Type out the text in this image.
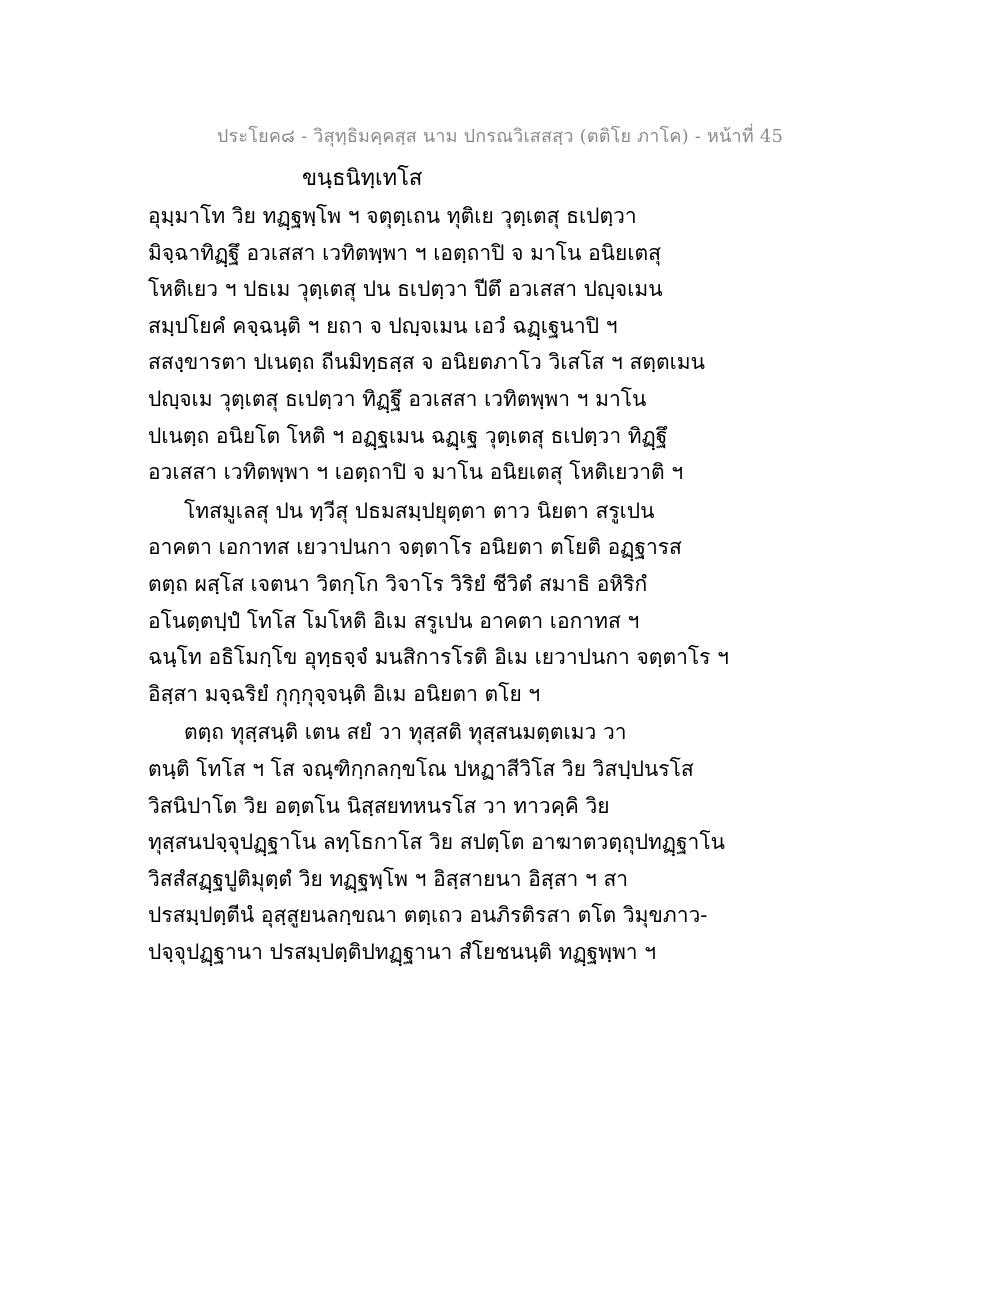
ประโยค๘ - วิสุทฺธิมคฺคสฺส นาม ปกรณวิเสสสฺว (ตติโย ภาโค) - หน้าที่ 45
ขนฺธนิทฺเทโส
อุมฺมาโท วิย ทฏฺฐพฺโพ ฯ จตุตฺเถน ทุติเย วุตฺเตสุ ธเปตฺวา
มิจฺฉาทิฏฺฐึ อวเสสา เวทิตพฺพา ฯ เอตฺถาปิ จ มาโน อนิยเตสุ
โหติเยว ฯ ปธเม วุตฺเตสุ ปน ธเปตฺวา ปีตึ อวเสสา ปญฺจเมน
สมฺปโยคํ คจฺฉนฺติ ฯ ยถา จ ปญฺจเมน เอวํ ฉฏฺเฐนาปิ ฯ
สสงฺขารตา ปเนตฺถ ถีนมิทฺธสฺส จ อนิยตภาโว วิเสโส ฯ สตฺตเมน
ปญฺจเม วุตฺเตสุ ธเปตฺวา ทิฏฺฐึ อวเสสา เวทิตพฺพา ฯ มาโน
ปเนตฺถ อนิยโต โหติ ฯ อฏฺฐเมน ฉฏฺเฐ วุตฺเตสุ ธเปตฺวา ทิฏฺฐึ
อวเสสา เวทิตพฺพา ฯ เอตฺถาปิ จ มาโน อนิยเตสุ โหติเยวาติ ฯ
โทสมูเลสุ ปน ทฺวีสุ ปธมสมฺปยุตฺตา ตาว นิยตา สรูเปน
อาคตา เอกาทส เยวาปนกา จตฺตาโร อนิยตา ตโยติ อฏฺฐารส
ตตฺถ ผสฺโส เจตนา วิตกฺโก วิจาโร วิริยํ ชีวิตํ สมาธิ อหิริกํ
อโนตฺตปฺปํ โทโส โมโหติ อิเม สรูเปน อาคตา เอกาทส ฯ
ฉนฺโท อธิโมกฺโข อุทฺธจฺจํ มนสิการโรติ อิเม เยวาปนกา จตฺตาโร ฯ
อิสฺสา มจฺฉริยํ กุกฺกุจฺจนฺติ อิเม อนิยตา ตโย ฯ
ตตฺถ ทุสฺสนฺติ เตน สยํ วา ทุสฺสติ ทุสฺสนมตฺตเมว วา
ตนฺติ โทโส ฯ โส จณฺฑิกฺกลกฺขโณ ปหฏาสีวิโส วิย วิสปฺปนรโส
วิสนิปาโต วิย อตฺตโน นิสฺสยทหนรโส วา ทาวคฺคิ วิย
ทุสฺสนปจฺจุปฏฺฐาโน ลทฺโธกาโส วิย สปตฺโต อาฆาตวตฺถุปทฏฺฐาโน
วิสสํสฏฺฐปูติมุตฺตํ วิย ทฏฺฐพฺโพ ฯ อิสฺสายนา อิสฺสา ฯ สา
ปรสมฺปตฺตีนํ อุสฺสูยนลกฺขณา ตตฺเถว อนภิรติรสา ตโต วิมุขภาว-
ปจฺจุปฏฺฐานา ปรสมฺปตฺติปทฏฺฐานา สํโยชนนฺติ ทฏฺฐพฺพา ฯ
